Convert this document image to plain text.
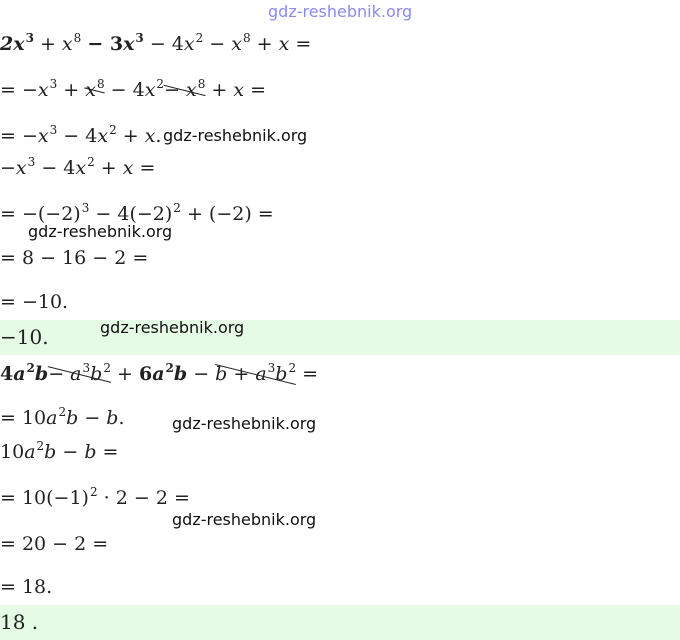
gdz-reshebnik.org
gdz-reshebnik.org
gdz-reshebnik.org
gdz-reshebnik.org
gdz-reshebnik.org
gdz-reshebnik.org
$2x^3 + x^8 - 3x^3 - 4x^2 - x^8 + x$ =
= $-x^3 + x^8 - 4x^2- x^8 + x$ =
= $-x^3 - 4x^2 + x$.
$-x^3 - 4x^2 + x$ =
= $-(-2)^3 - 4(-2)^2 + (-2)$ =
= 8 − 16 − 2 =
= −10.
−10.
$4a^2b- a^3b^2 + 6a^2b - b + a^3b^2$ =
= $10a^2b - b$.
$10a^2b - b$ =
= $10(-1)^2 \cdot 2 - 2$ =
= 20 − 2 =
= 18.
18 .
